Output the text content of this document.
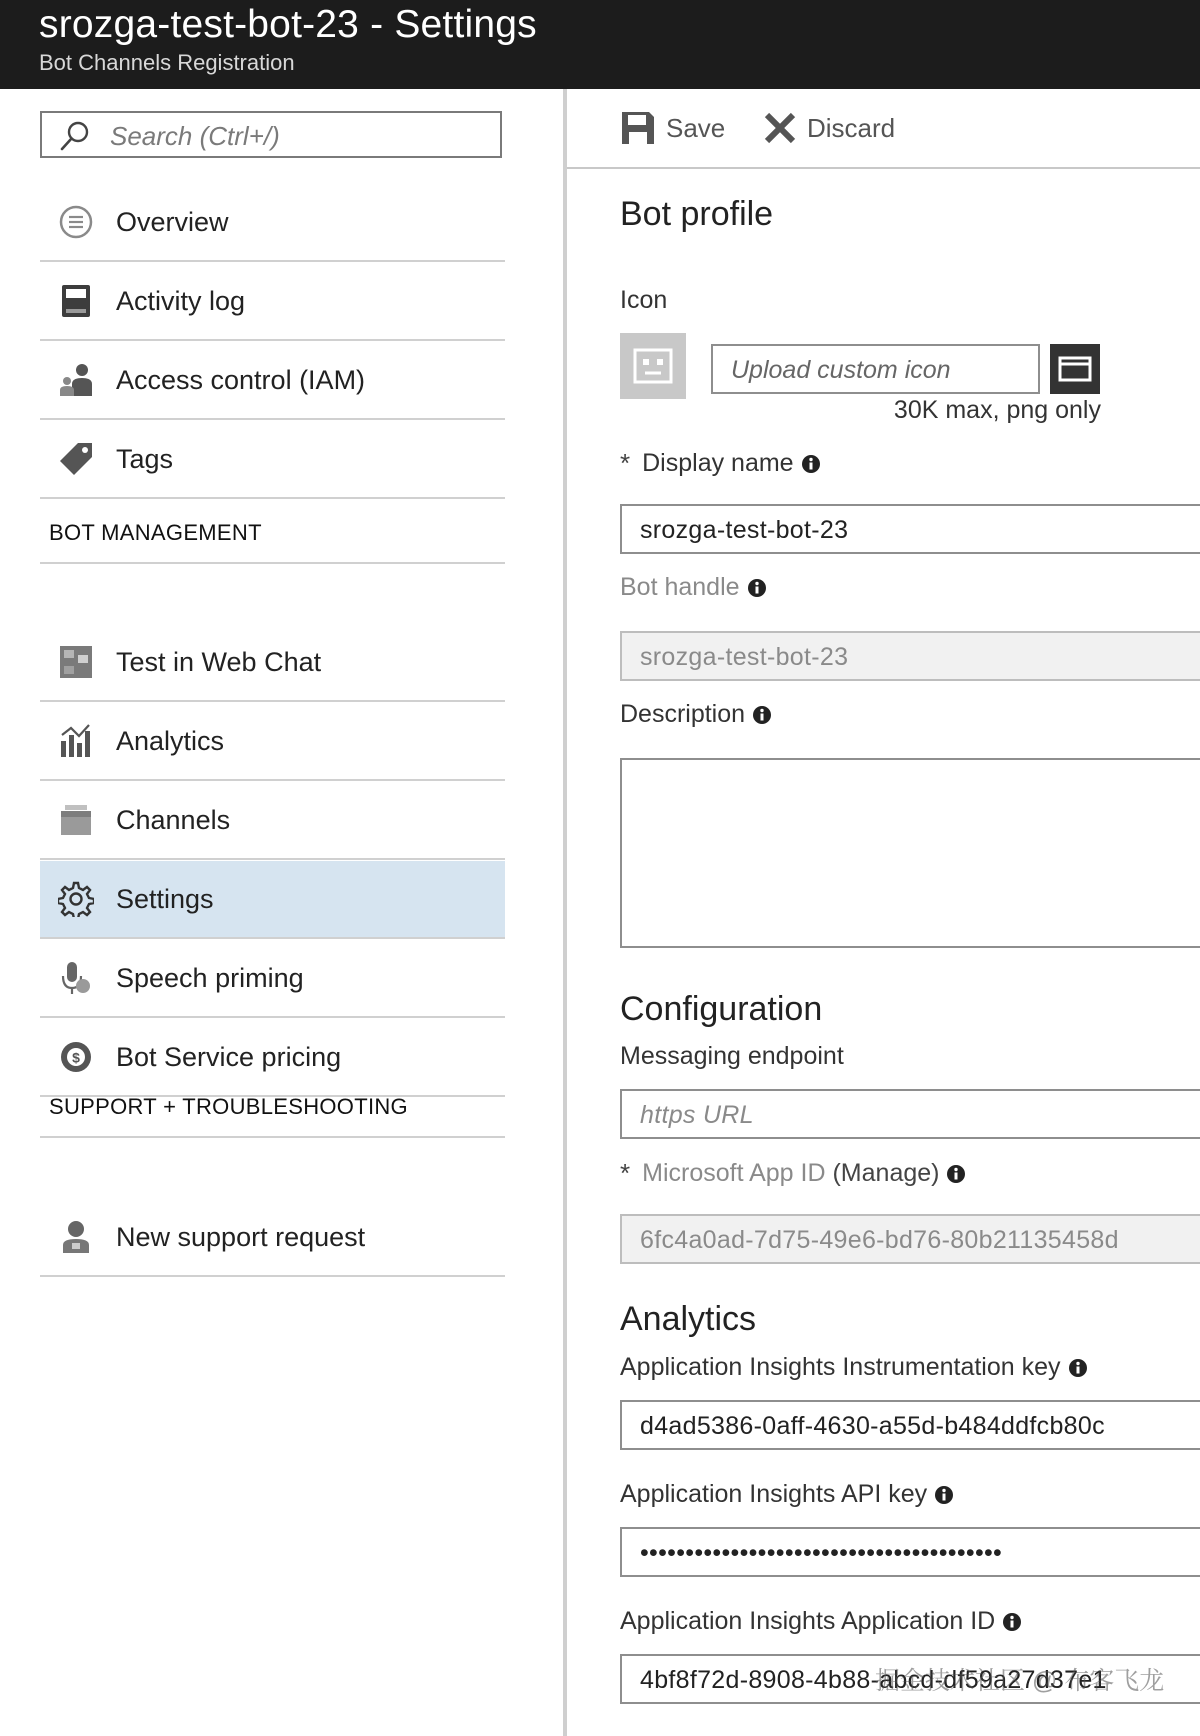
srozga-test-bot-23 - Settings
Bot Channels Registration
Search (Ctrl+/)
Overview
Activity log
Access control (IAM)
Tags
BOT MANAGEMENT
Test in Web Chat
Analytics
Channels
Settings
Speech priming
$ Bot Service pricing
SUPPORT + TROUBLESHOOTING
New support request
Save	Discard
Bot profile
Icon
Upload custom icon
30K max, png only
* Display name
srozga-test-bot-23
Bot handle
srozga-test-bot-23
Description
Configuration
Messaging endpoint
https URL
* Microsoft App ID
(Manage)
6fc4a0ad-7d75-49e6-bd76-80b21135458d
Analytics
Application Insights Instrumentation key
d4ad5386-0aff-4630-a55d-b484ddfcb80c
Application Insights API key
••••••••••••••••••••••••••••••••••••••••
Application Insights Application ID
4bf8f72d-8908-4b88-abcd-df59a27d37e1
掘金技术社区 @ 布客飞龙
